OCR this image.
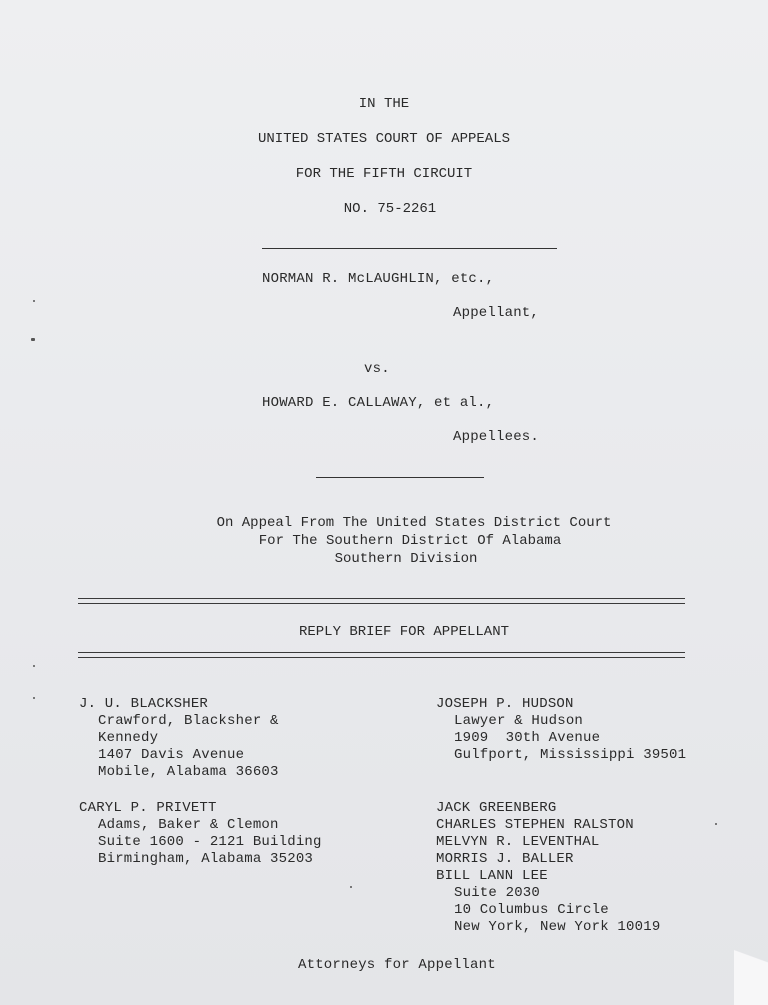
IN THE
UNITED STATES COURT OF APPEALS
FOR THE FIFTH CIRCUIT
NO. 75-2261
NORMAN R. McLAUGHLIN, etc.,
Appellant,
vs.
HOWARD E. CALLAWAY, et al.,
Appellees.
On Appeal From The United States District Court
For The Southern District Of Alabama
Southern Division
REPLY BRIEF FOR APPELLANT
J. U. BLACKSHER
Crawford, Blacksher &
Kennedy
1407 Davis Avenue
Mobile, Alabama 36603
CARYL P. PRIVETT
Adams, Baker & Clemon
Suite 1600 - 2121 Building
Birmingham, Alabama 35203
JOSEPH P. HUDSON
Lawyer & Hudson
1909  30th Avenue
Gulfport, Mississippi 39501
JACK GREENBERG
CHARLES STEPHEN RALSTON
MELVYN R. LEVENTHAL
MORRIS J. BALLER
BILL LANN LEE
Suite 2030
10 Columbus Circle
New York, New York 10019
Attorneys for Appellant
